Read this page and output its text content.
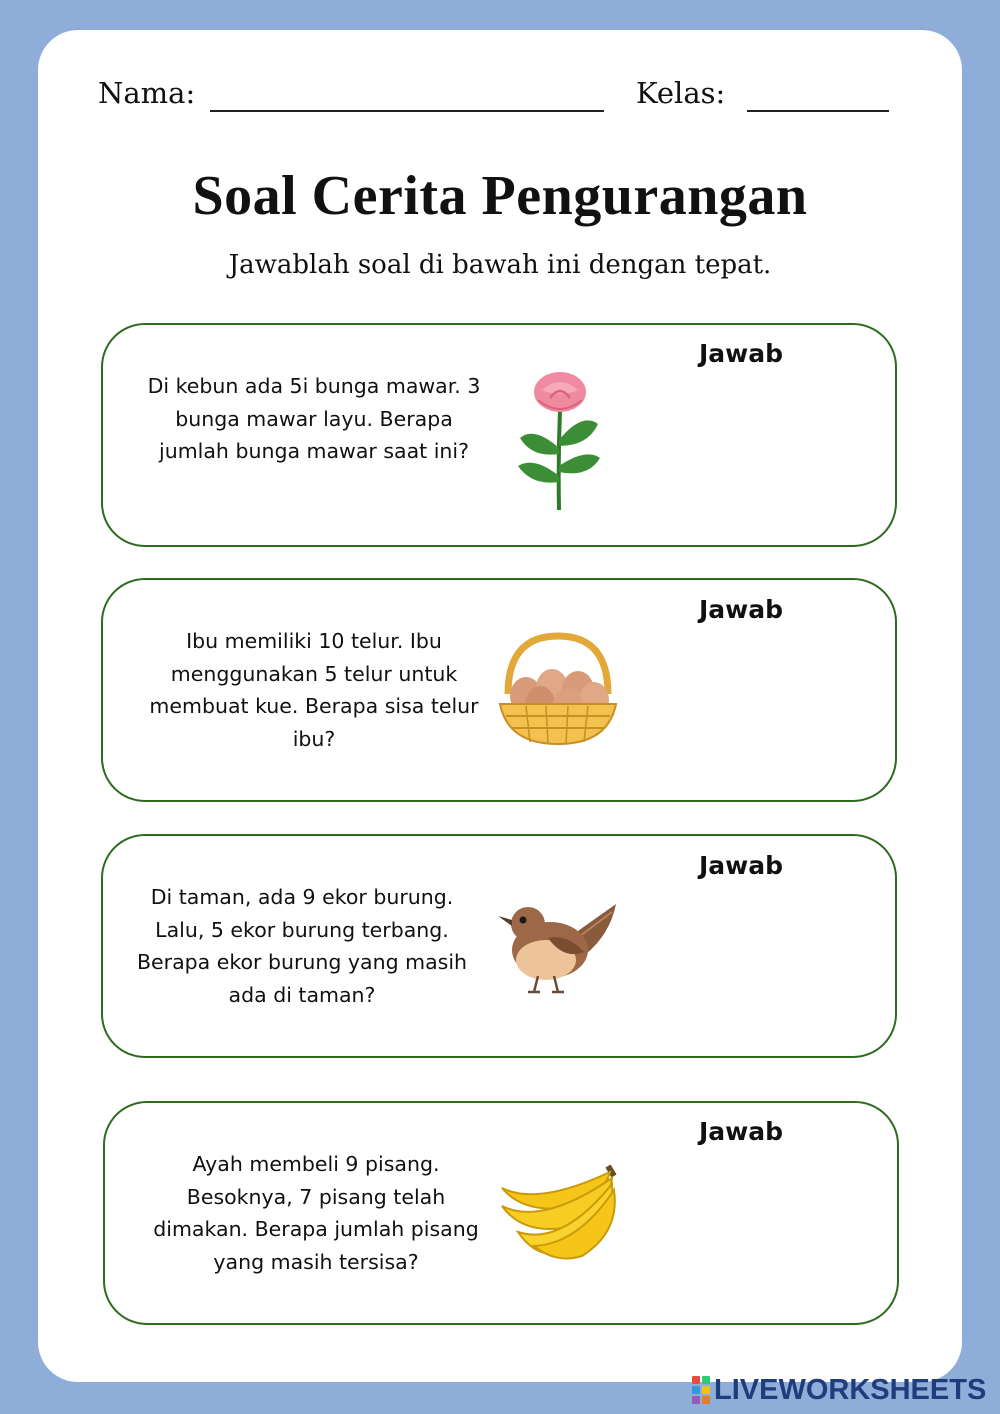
Nama:	Kelas:
Soal Cerita Pengurangan
Jawablah soal di bawah ini dengan tepat.
Di kebun ada 5i bunga mawar. 3 bunga mawar layu. Berapa jumlah bunga mawar saat ini?
Jawab
Ibu memiliki 10 telur. Ibu menggunakan 5 telur untuk membuat kue. Berapa sisa telur ibu?
Jawab
Di taman, ada 9 ekor burung. Lalu, 5 ekor burung terbang. Berapa ekor burung yang masih ada di taman?
Jawab
Ayah membeli 9 pisang. Besoknya, 7 pisang telah dimakan. Berapa jumlah pisang yang masih tersisa?
Jawab
LIVEWORKSHEETS
